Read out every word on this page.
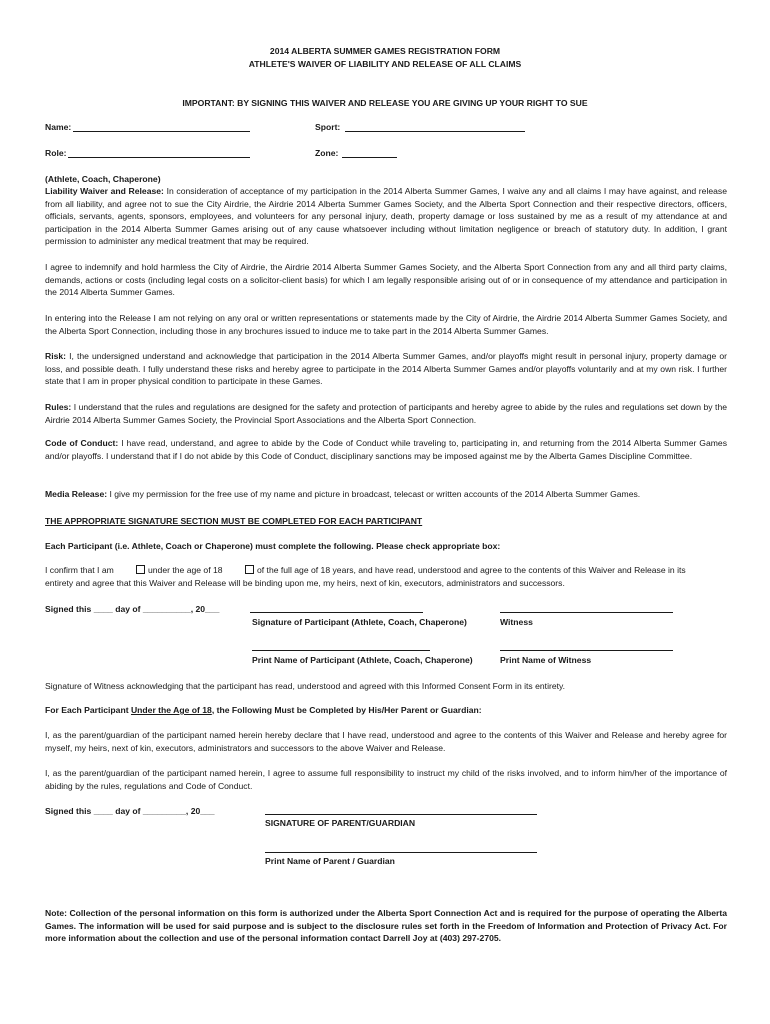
2014 ALBERTA SUMMER GAMES REGISTRATION FORM
ATHLETE'S WAIVER OF LIABILITY AND RELEASE OF ALL CLAIMS
IMPORTANT: BY SIGNING THIS WAIVER AND RELEASE YOU ARE GIVING UP YOUR RIGHT TO SUE
Name:	Sport:
Role:	Zone:
(Athlete, Coach, Chaperone)

Liability Waiver and Release: In consideration of acceptance of my participation in the 2014 Alberta Summer Games, I waive any and all claims I may have against, and release from all liability, and agree not to sue the City Airdrie, the Airdrie 2014 Alberta Summer Games Society, and the Alberta Sport Connection and their respective directors, officers, officials, servants, agents, sponsors, employees, and volunteers for any personal injury, death, property damage or loss sustained by me as a result of my attendance at and participation in the 2014 Alberta Summer Games arising out of any cause whatsoever including without limitation negligence or breach of statutory duty. In addition, I grant permission to administer any medical treatment that may be required.

I agree to indemnify and hold harmless the City of Airdrie, the Airdrie 2014 Alberta Summer Games Society, and the Alberta Sport Connection from any and all third party claims, demands, actions or costs (including legal costs on a solicitor-client basis) for which I am legally responsible arising out of or in consequence of my attendance and participation in the 2014 Alberta Summer Games.

In entering into the Release I am not relying on any oral or written representations or statements made by the City of Airdrie, the Airdrie 2014 Alberta Summer Games Society, and the Alberta Sport Connection, including those in any brochures issued to induce me to take part in the 2014 Alberta Summer Games.

Risk: I, the undersigned understand and acknowledge that participation in the 2014 Alberta Summer Games, and/or playoffs might result in personal injury, property damage or loss, and possible death. I fully understand these risks and hereby agree to participate in the 2014 Alberta Summer Games and/or playoffs voluntarily and at my own risk. I further state that I am in proper physical condition to participate in these Games.

Rules: I understand that the rules and regulations are designed for the safety and protection of participants and hereby agree to abide by the rules and regulations set down by the Airdrie 2014 Alberta Summer Games Society, the Provincial Sport Associations and the Alberta Sport Connection.

Code of Conduct: I have read, understand, and agree to abide by the Code of Conduct while traveling to, participating in, and returning from the 2014 Alberta Summer Games and/or playoffs. I understand that if I do not abide by this Code of Conduct, disciplinary sanctions may be imposed against me by the Alberta Games Discipline Committee.

Media Release: I give my permission for the free use of my name and picture in broadcast, telecast or written accounts of the 2014 Alberta Summer Games.

THE APPROPRIATE SIGNATURE SECTION MUST BE COMPLETED FOR EACH PARTICIPANT
Each Participant (i.e. Athlete, Coach or Chaperone) must complete the following. Please check appropriate box:
I confirm that I am	under the age of 18	of the full age of 18 years, and have read, understood and agree to the contents of this Waiver and Release in its
entirety and agree that this Waiver and Release will be binding upon me, my heirs, next of kin, executors, administrators and successors.
Signed this ____ day of __________, 20___
Signature of Participant (Athlete, Coach, Chaperone)	Witness
Print Name of Participant (Athlete, Coach, Chaperone)	Print Name of Witness
Signature of Witness acknowledging that the participant has read, understood and agreed with this Informed Consent Form in its entirety.
For Each Participant Under the Age of 18, the Following Must be Completed by His/Her Parent or Guardian:

I, as the parent/guardian of the participant named herein hereby declare that I have read, understood and agree to the contents of this Waiver and Release and hereby agree for myself, my heirs, next of kin, executors, administrators and successors to the above Waiver and Release.

I, as the parent/guardian of the participant named herein, I agree to assume full responsibility to instruct my child of the risks involved, and to inform him/her of the importance of abiding by the rules, regulations and Code of Conduct.

Signed this ____ day of _________, 20___
SIGNATURE OF PARENT/GUARDIAN
Print Name of Parent / Guardian

Note: Collection of the personal information on this form is authorized under the Alberta Sport Connection Act and is required for the purpose of operating the Alberta Games. The information will be used for said purpose and is subject to the disclosure rules set forth in the Freedom of Information and Protection of Privacy Act. For more information about the collection and use of the personal information contact Darrell Joy at (403) 297-2705.
